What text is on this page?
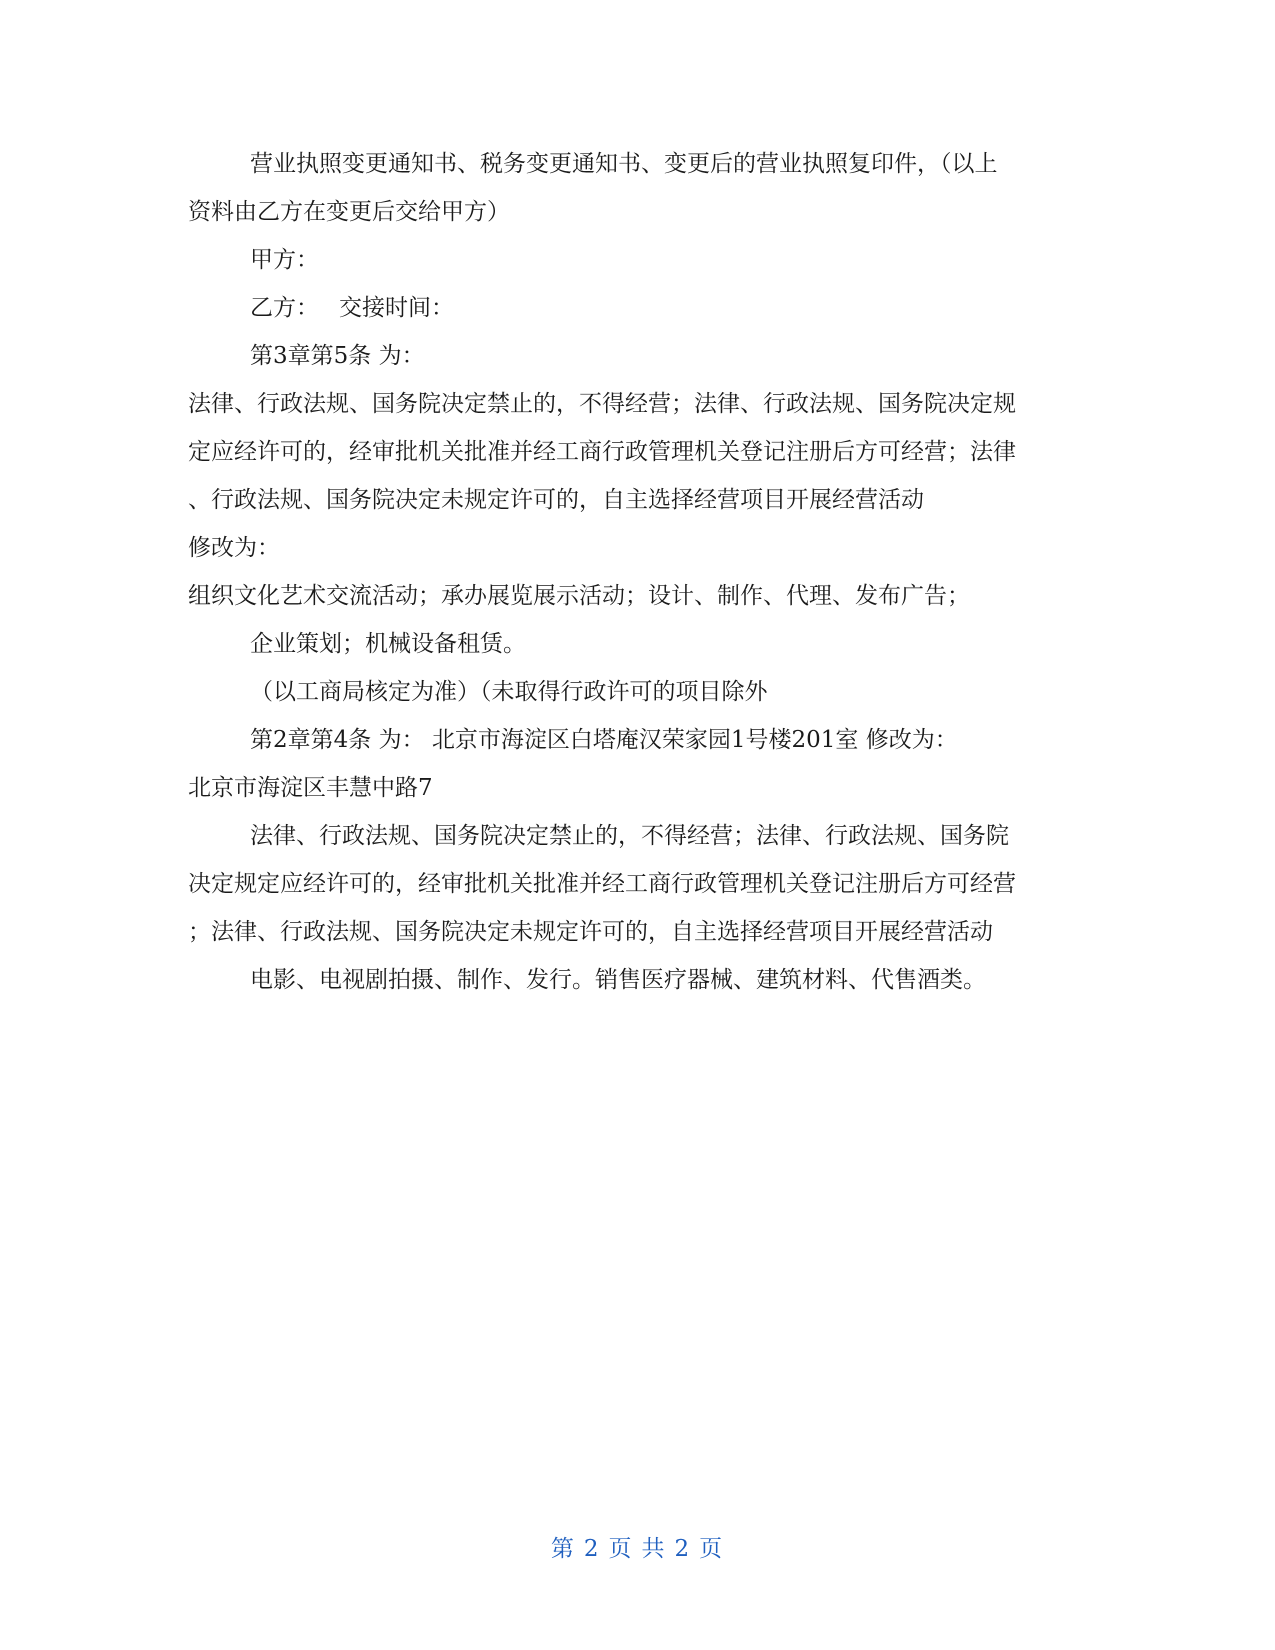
营业执照变更通知书、税务变更通知书、变更后的营业执照复印件，（以上
资料由乙方在变更后交给甲方）
甲方：
乙方： 交接时间：
第3章第5条 为：
法律、行政法规、国务院决定禁止的，不得经营；法律、行政法规、国务院决定规
定应经许可的，经审批机关批准并经工商行政管理机关登记注册后方可经营；法律
、行政法规、国务院决定未规定许可的，自主选择经营项目开展经营活动
修改为：
组织文化艺术交流活动；承办展览展示活动；设计、制作、代理、发布广告；
企业策划；机械设备租赁。
（以工商局核定为准）（未取得行政许可的项目除外
第2章第4条 为： 北京市海淀区白塔庵汉荣家园1号楼201室 修改为：
北京市海淀区丰慧中路7
法律、行政法规、国务院决定禁止的，不得经营；法律、行政法规、国务院
决定规定应经许可的，经审批机关批准并经工商行政管理机关登记注册后方可经营
；法律、行政法规、国务院决定未规定许可的，自主选择经营项目开展经营活动
电影、电视剧拍摄、制作、发行。销售医疗器械、建筑材料、代售酒类。
第 2 页 共 2 页
